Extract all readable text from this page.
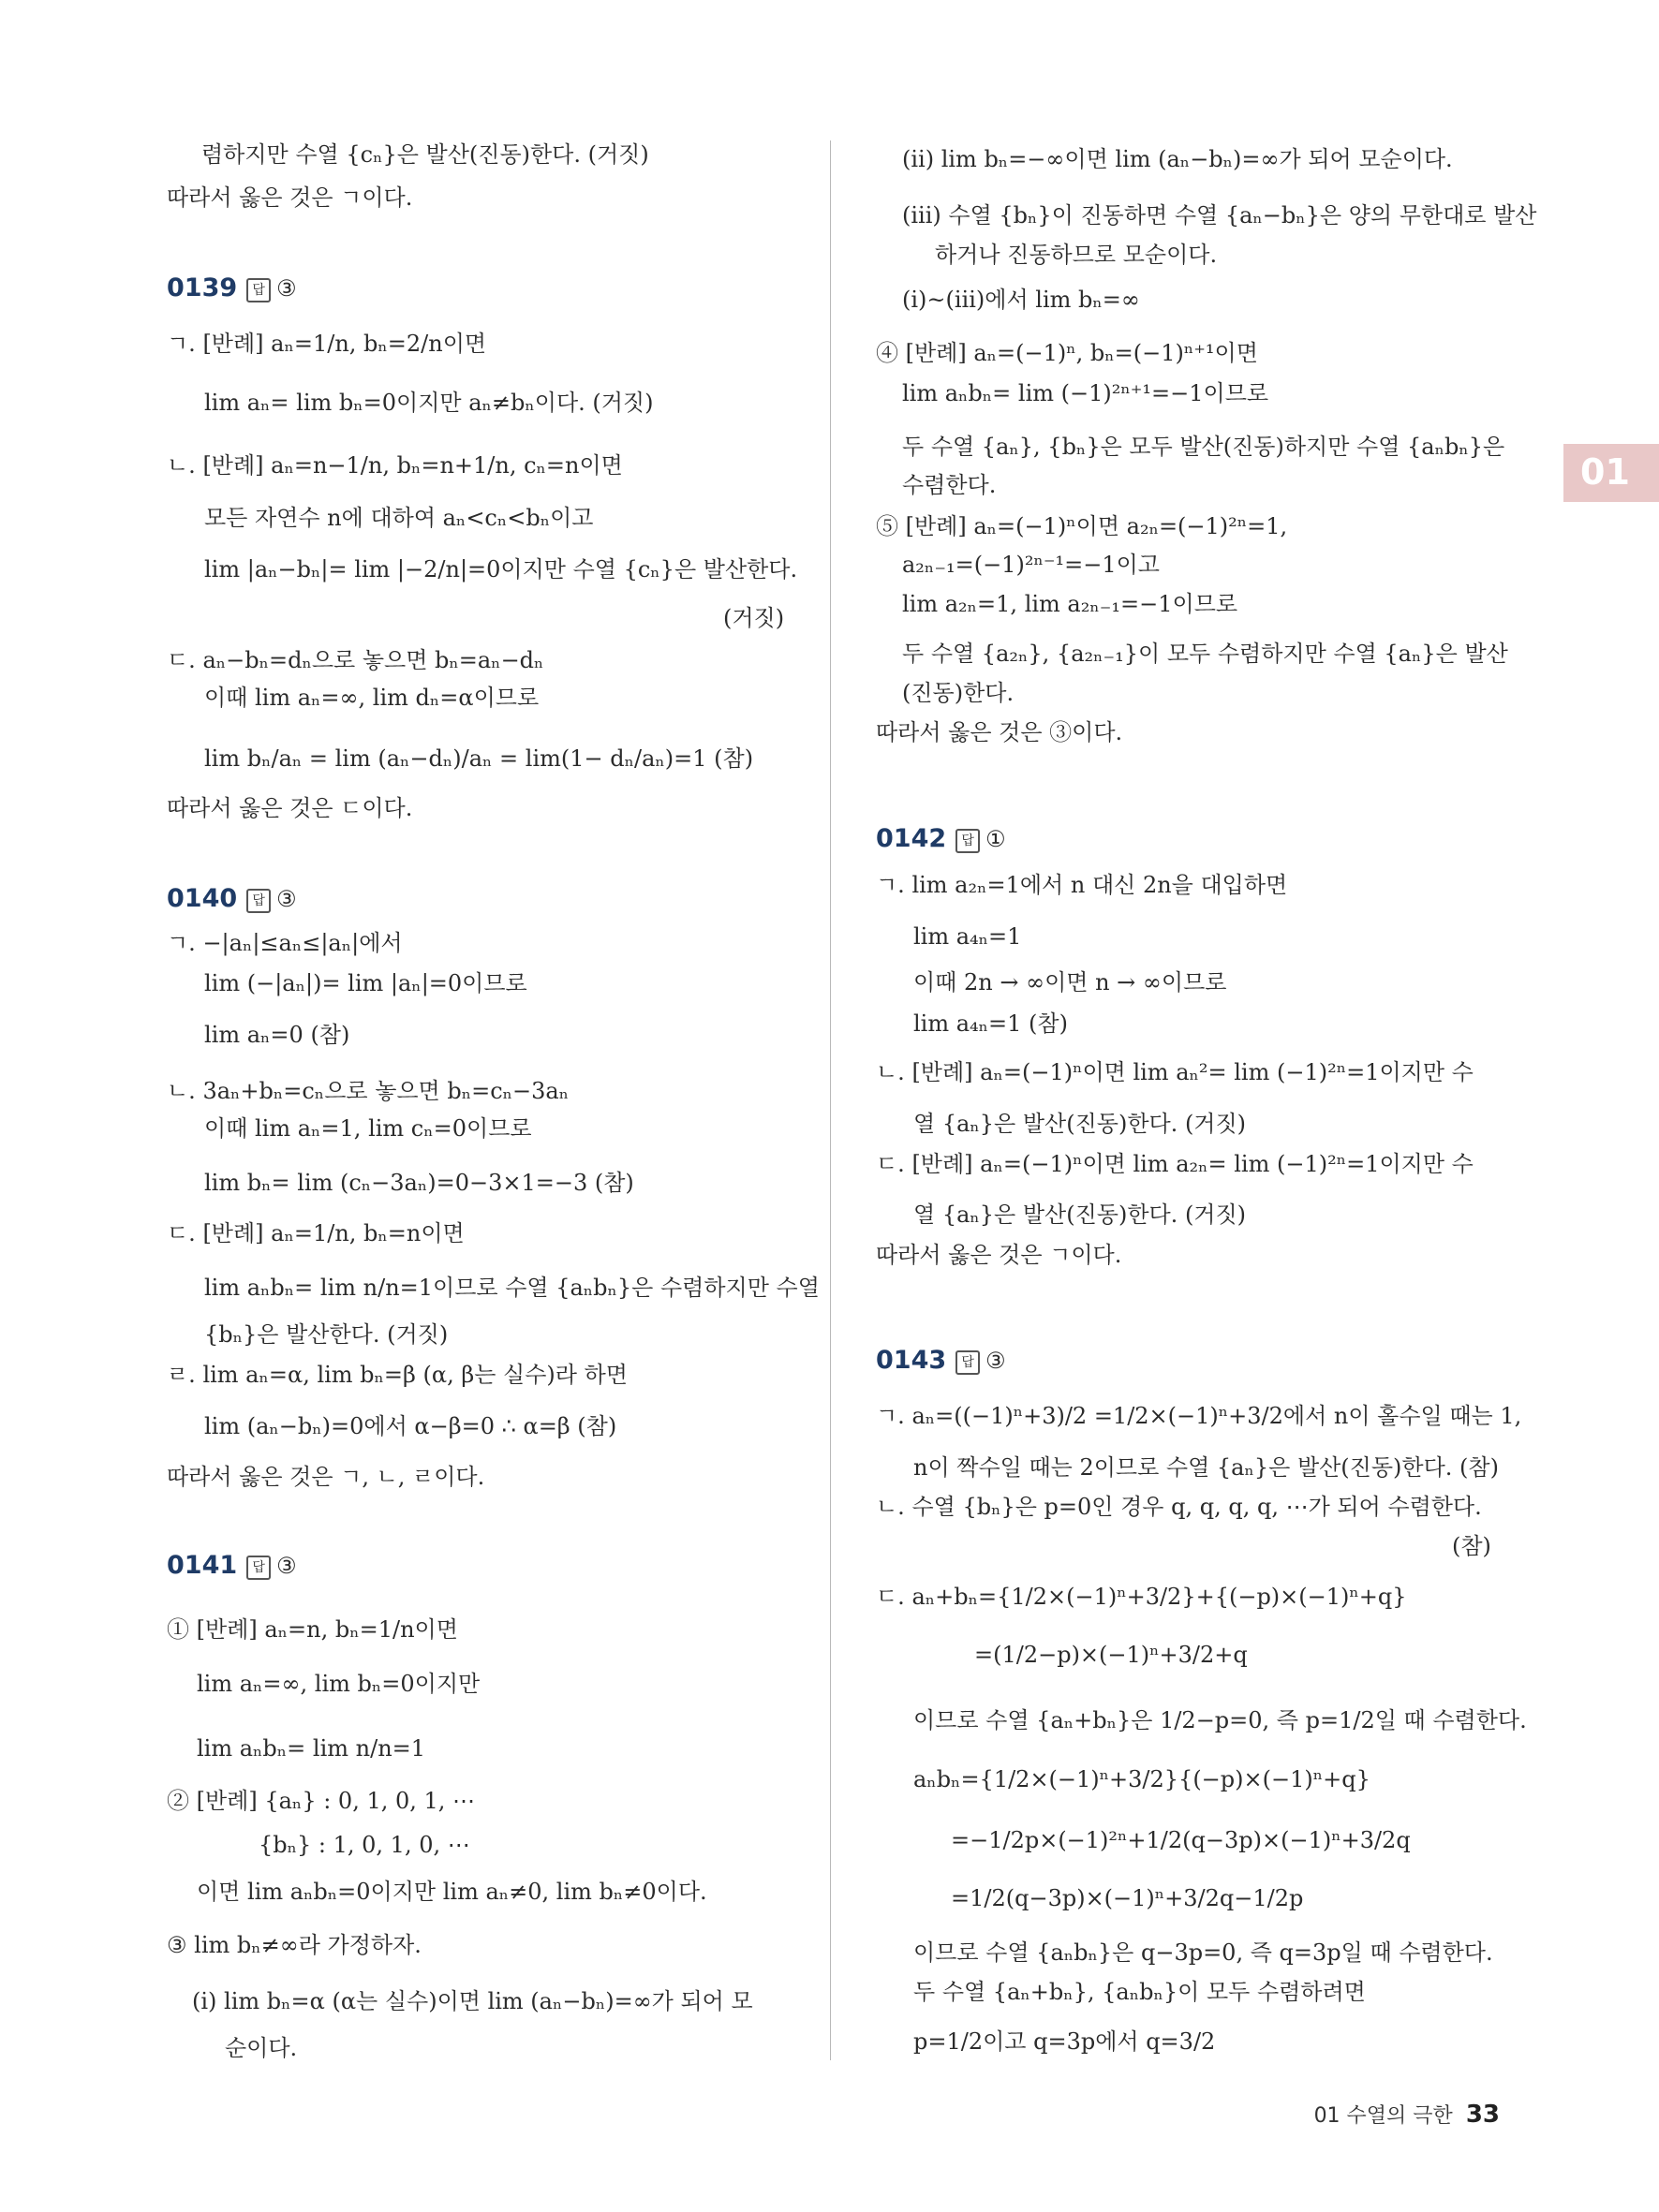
01
렴하지만 수열 {cₙ}은 발산(진동)한다. (거짓)
따라서 옳은 것은 ㄱ이다.
0139 답 ③
ㄱ. [반례] aₙ=1/n, bₙ=2/n이면
lim aₙ= lim bₙ=0이지만 aₙ≠bₙ이다. (거짓)
ㄴ. [반례] aₙ=n−1/n, bₙ=n+1/n, cₙ=n이면
모든 자연수 n에 대하여 aₙ<cₙ<bₙ이고
lim |aₙ−bₙ|= lim |−2/n|=0이지만 수열 {cₙ}은 발산한다.
(거짓)
ㄷ. aₙ−bₙ=dₙ으로 놓으면 bₙ=aₙ−dₙ
이때 lim aₙ=∞, lim dₙ=α이므로
lim bₙ/aₙ = lim (aₙ−dₙ)/aₙ = lim(1− dₙ/aₙ)=1 (참)
따라서 옳은 것은 ㄷ이다.
0140 답 ③
ㄱ. −|aₙ|≤aₙ≤|aₙ|에서
lim (−|aₙ|)= lim |aₙ|=0이므로
lim aₙ=0 (참)
ㄴ. 3aₙ+bₙ=cₙ으로 놓으면 bₙ=cₙ−3aₙ
이때 lim aₙ=1, lim cₙ=0이므로
lim bₙ= lim (cₙ−3aₙ)=0−3×1=−3 (참)
ㄷ. [반례] aₙ=1/n, bₙ=n이면
lim aₙbₙ= lim n/n=1이므로 수열 {aₙbₙ}은 수렴하지만 수열
{bₙ}은 발산한다. (거짓)
ㄹ. lim aₙ=α, lim bₙ=β (α, β는 실수)라 하면
lim (aₙ−bₙ)=0에서 α−β=0 ∴ α=β (참)
따라서 옳은 것은 ㄱ, ㄴ, ㄹ이다.
0141 답 ③
① [반례] aₙ=n, bₙ=1/n이면
lim aₙ=∞, lim bₙ=0이지만
lim aₙbₙ= lim n/n=1
② [반례] {aₙ} : 0, 1, 0, 1, ⋯
{bₙ} : 1, 0, 1, 0, ⋯
이면 lim aₙbₙ=0이지만 lim aₙ≠0, lim bₙ≠0이다.
③ lim bₙ≠∞라 가정하자.
(ⅰ) lim bₙ=α (α는 실수)이면 lim (aₙ−bₙ)=∞가 되어 모
순이다.
(ⅱ) lim bₙ=−∞이면 lim (aₙ−bₙ)=∞가 되어 모순이다.
(ⅲ) 수열 {bₙ}이 진동하면 수열 {aₙ−bₙ}은 양의 무한대로 발산
하거나 진동하므로 모순이다.
(ⅰ)~(ⅲ)에서 lim bₙ=∞
④ [반례] aₙ=(−1)ⁿ, bₙ=(−1)ⁿ⁺¹이면
lim aₙbₙ= lim (−1)²ⁿ⁺¹=−1이므로
두 수열 {aₙ}, {bₙ}은 모두 발산(진동)하지만 수열 {aₙbₙ}은
수렴한다.
⑤ [반례] aₙ=(−1)ⁿ이면 a₂ₙ=(−1)²ⁿ=1,
a₂ₙ₋₁=(−1)²ⁿ⁻¹=−1이고
lim a₂ₙ=1, lim a₂ₙ₋₁=−1이므로
두 수열 {a₂ₙ}, {a₂ₙ₋₁}이 모두 수렴하지만 수열 {aₙ}은 발산
(진동)한다.
따라서 옳은 것은 ③이다.
0142 답 ①
ㄱ. lim a₂ₙ=1에서 n 대신 2n을 대입하면
lim a₄ₙ=1
이때 2n → ∞이면 n → ∞이므로
lim a₄ₙ=1 (참)
ㄴ. [반례] aₙ=(−1)ⁿ이면 lim aₙ²= lim (−1)²ⁿ=1이지만 수
열 {aₙ}은 발산(진동)한다. (거짓)
ㄷ. [반례] aₙ=(−1)ⁿ이면 lim a₂ₙ= lim (−1)²ⁿ=1이지만 수
열 {aₙ}은 발산(진동)한다. (거짓)
따라서 옳은 것은 ㄱ이다.
0143 답 ③
ㄱ. aₙ=((−1)ⁿ+3)/2 =1/2×(−1)ⁿ+3/2에서 n이 홀수일 때는 1,
n이 짝수일 때는 2이므로 수열 {aₙ}은 발산(진동)한다. (참)
ㄴ. 수열 {bₙ}은 p=0인 경우 q, q, q, q, ⋯가 되어 수렴한다.
(참)
ㄷ. aₙ+bₙ={1/2×(−1)ⁿ+3/2}+{(−p)×(−1)ⁿ+q}
=(1/2−p)×(−1)ⁿ+3/2+q
이므로 수열 {aₙ+bₙ}은 1/2−p=0, 즉 p=1/2일 때 수렴한다.
aₙbₙ={1/2×(−1)ⁿ+3/2}{(−p)×(−1)ⁿ+q}
=−1/2p×(−1)²ⁿ+1/2(q−3p)×(−1)ⁿ+3/2q
=1/2(q−3p)×(−1)ⁿ+3/2q−1/2p
이므로 수열 {aₙbₙ}은 q−3p=0, 즉 q=3p일 때 수렴한다.
두 수열 {aₙ+bₙ}, {aₙbₙ}이 모두 수렴하려면
p=1/2이고 q=3p에서 q=3/2
01 수열의 극한 33
